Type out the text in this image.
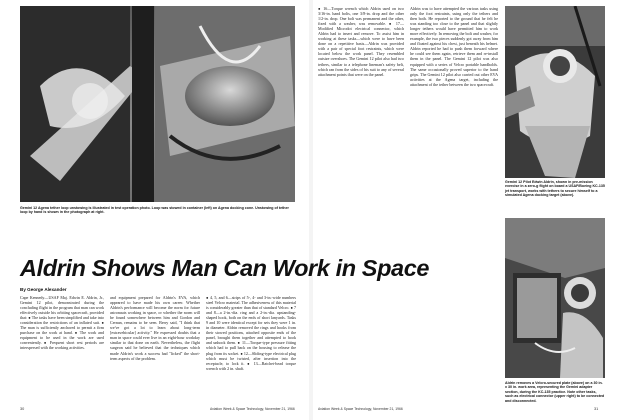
Gemini 12 Agena tether loop unstowing is illustrated in test operation photo. Loop was stowed in container (left) on Agena docking cone. Unstowing of tether loop by hand is shown in the photograph at right.
Aldrin Shows Man Can Work in Space
By George Alexander

Cape Kennedy—USAF Maj. Edwin E. Aldrin, Jr., Gemini 12 pilot, demonstrated during the concluding flight in the program that man can work effectively outside his orbiting spacecraft, provided that: ● The tasks have been simplified and take into consideration the restrictions of an inflated suit. ● The man is sufficiently anchored to permit a firm purchase on the work at hand. ● The work and equipment to be used in the work are used conveniently. ● Frequent short rest periods are interspersed with the working activities.

and equipment prepared for Aldrin's EVA, which appeared to have made his own career. Whether Aldrin's performance will become the norm for future astronauts working in space, or whether the norm will be found somewhere between him and Gordon and Cernan, remains to be seen. Berry said, "I think that we've got a lot to learn about long-term [extravehicular] activity." He expressed doubts that a man in space could ever live in an eight-hour workday similar to that done on earth. Nevertheless, the flight surgeon said he believed that the techniques which made Aldrin's work a success had "licked" the short-term aspects of the problem.

● 4, 5, and 6—strips of 5-, 4- and 3-in.-wide numbers steel Velcro material. The adhesiveness of this material is considerably greater than that of standard Velcro. ● 7 and 8—a 2-in.-dia. ring and a 2-in.-dia. upstanding-shaped hook, both on the ends of short lanyards. Tasks 9 and 10 were identical except for sets they were 1 in. in diameter. Aldrin removed the rings and hooks from their stowed positions, attached opposite ends of the panel, brought them together and attempted to hook and unhook them. ● 11—Torque-type pressure fitting which had to pull back on the housing to release the plug from its socket. ● 12—Sliding-type electrical plug which must be twisted, after insertion into the receptacle, to lock it. ● 13—Ratchet-head torque wrench with 2 in. shaft.

● 16—Torque wrench which Aldrin used on two 3/16-in. hand bolts, one 3/8-in. drop and the other 1/2-in. drop. One bolt was permanent and the other, fixed with a washer, was removable. ● 17—Modified Microdot electrical connector, which Aldrin had to insert and remove. To assist him in working at these tasks—which were to have been done on a repetitive basis—Aldrin was provided with a pair of special foot restraints, which were located below the work panel. They resembled outsize overshoes. The Gemini 12 pilot also had two tethers, similar to a telephone lineman's safety belt, which ran from the sides of his suit to any of several attachment points that were on the panel.

Aldrin was to have attempted the various tasks using only the foot restraints, using only the tethers and then both. He reported to the ground that he felt he was standing too close to the panel and that slightly longer tethers would have permitted him to work more effectively. In removing the bolt and washer, for example, the two pieces suddenly got away from him and floated against his chest, just beneath his helmet. Aldrin reported he had to push them forward where he could see them again, retrieve them and re-install them in the panel. The Gemini 12 pilot was also equipped with a series of Velcro portable handholds. The same occasionally proved superior to the hand grips. The Gemini 12 pilot also carried out other EVA activities at the Agena target, including the attachment of the tether between the two spacecraft.

Gemini 12 Pilot Edwin Aldrin, shown in pre-mission exercise in a zero-g flight on board a USAF/Boeing KC-135 jet transport, works with tethers to secure himself to a simulated Agena docking target (above).
Aldrin removes a Velcro-secured plate (above) on a 30 in. x 30 in. work area, representing the Gemini adapter section, during the KC-135 practice. Note other tasks, such as electrical connector (upper right) to be connected and disconnected.
30	Aviation Week & Space Technology, November 21, 1966	Aviation Week & Space Technology, November 21, 1966	31
